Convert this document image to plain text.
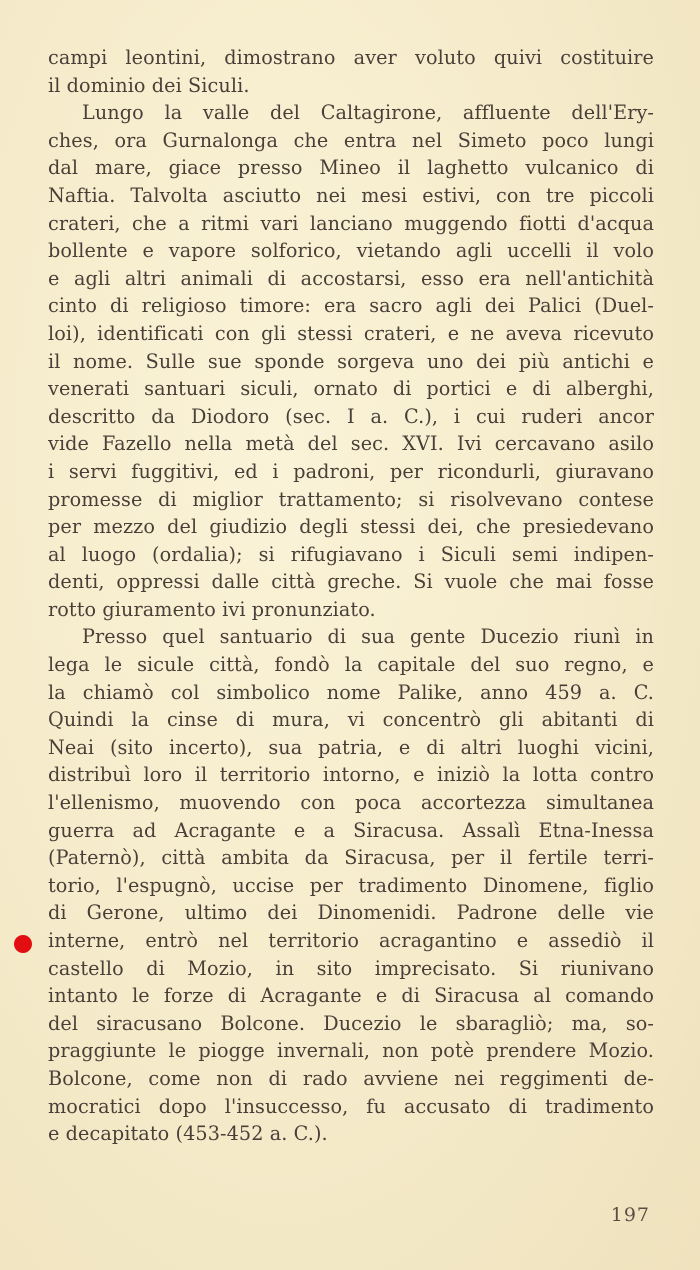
campi leontini, dimostrano aver voluto quivi costituire
il dominio dei Siculi.
Lungo la valle del Caltagirone, affluente dell'Ery-
ches, ora Gurnalonga che entra nel Simeto poco lungi
dal mare, giace presso Mineo il laghetto vulcanico di
Naftia. Talvolta asciutto nei mesi estivi, con tre piccoli
crateri, che a ritmi vari lanciano muggendo fiotti d'acqua
bollente e vapore solforico, vietando agli uccelli il volo
e agli altri animali di accostarsi, esso era nell'antichità
cinto di religioso timore: era sacro agli dei Palici (Duel-
loi), identificati con gli stessi crateri, e ne aveva ricevuto
il nome. Sulle sue sponde sorgeva uno dei più antichi e
venerati santuari siculi, ornato di portici e di alberghi,
descritto da Diodoro (sec. I a. C.), i cui ruderi ancor
vide Fazello nella metà del sec. XVI. Ivi cercavano asilo
i servi fuggitivi, ed i padroni, per ricondurli, giuravano
promesse di miglior trattamento; si risolvevano contese
per mezzo del giudizio degli stessi dei, che presiedevano
al luogo (ordalia); si rifugiavano i Siculi semi indipen-
denti, oppressi dalle città greche. Si vuole che mai fosse
rotto giuramento ivi pronunziato.
Presso quel santuario di sua gente Ducezio riunì in
lega le sicule città, fondò la capitale del suo regno, e
la chiamò col simbolico nome Palike, anno 459 a. C.
Quindi la cinse di mura, vi concentrò gli abitanti di
Neai (sito incerto), sua patria, e di altri luoghi vicini,
distribuì loro il territorio intorno, e iniziò la lotta contro
l'ellenismo, muovendo con poca accortezza simultanea
guerra ad Acragante e a Siracusa. Assalì Etna-Inessa
(Paternò), città ambita da Siracusa, per il fertile terri-
torio, l'espugnò, uccise per tradimento Dinomene, figlio
di Gerone, ultimo dei Dinomenidi. Padrone delle vie
interne, entrò nel territorio acragantino e assediò il
castello di Mozio, in sito imprecisato. Si riunivano
intanto le forze di Acragante e di Siracusa al comando
del siracusano Bolcone. Ducezio le sbaragliò; ma, so-
praggiunte le piogge invernali, non potè prendere Mozio.
Bolcone, come non di rado avviene nei reggimenti de-
mocratici dopo l'insuccesso, fu accusato di tradimento
e decapitato (453-452 a. C.).
197
